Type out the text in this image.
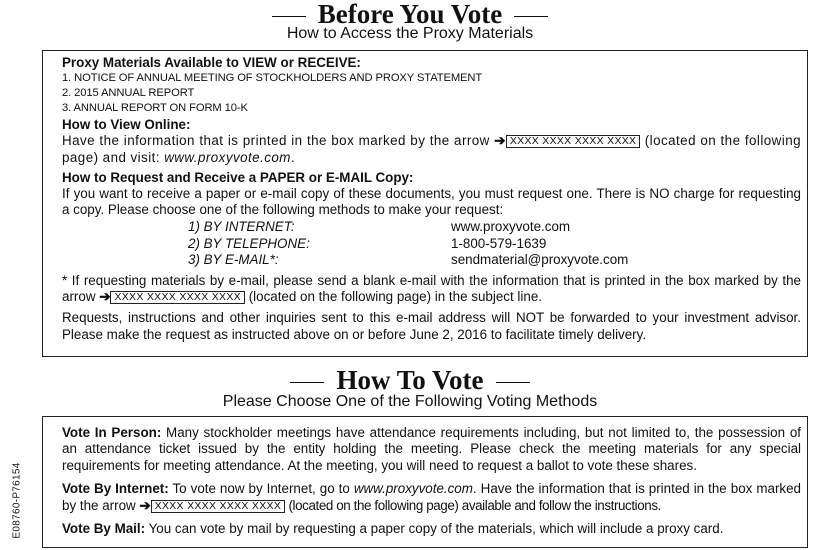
Before You Vote
How to Access the Proxy Materials

Proxy Materials Available to VIEW or RECEIVE:

1. NOTICE OF ANNUAL MEETING OF STOCKHOLDERS AND PROXY STATEMENT

2. 2015 ANNUAL REPORT

3. ANNUAL REPORT ON FORM 10-K

How to View Online:

Have the information that is printed in the box marked by the arrow ➔ XXXX XXXX XXXX XXXX (located on the following page) and visit: www.proxyvote.com.

How to Request and Receive a PAPER or E-MAIL Copy:

If you want to receive a paper or e-mail copy of these documents, you must request one. There is NO charge for requesting a copy. Please choose one of the following methods to make your request:

1) BY INTERNET:	www.proxyvote.com
2) BY TELEPHONE:	1-800-579-1639
3) BY E-MAIL*:	sendmaterial@proxyvote.com

* If requesting materials by e-mail, please send a blank e-mail with the information that is printed in the box marked by the arrow ➔ XXXX XXXX XXXX XXXX (located on the following page) in the subject line.

Requests, instructions and other inquiries sent to this e-mail address will NOT be forwarded to your investment advisor. Please make the request as instructed above on or before June 2, 2016 to facilitate timely delivery.

How To Vote
Please Choose One of the Following Voting Methods

Vote In Person: Many stockholder meetings have attendance requirements including, but not limited to, the possession of an attendance ticket issued by the entity holding the meeting. Please check the meeting materials for any special requirements for meeting attendance. At the meeting, you will need to request a ballot to vote these shares.

Vote By Internet: To vote now by Internet, go to www.proxyvote.com. Have the information that is printed in the box marked by the arrow ➔ XXXX XXXX XXXX XXXX (located on the following page) available and follow the instructions.

Vote By Mail: You can vote by mail by requesting a paper copy of the materials, which will include a proxy card.

E08760-P76154
